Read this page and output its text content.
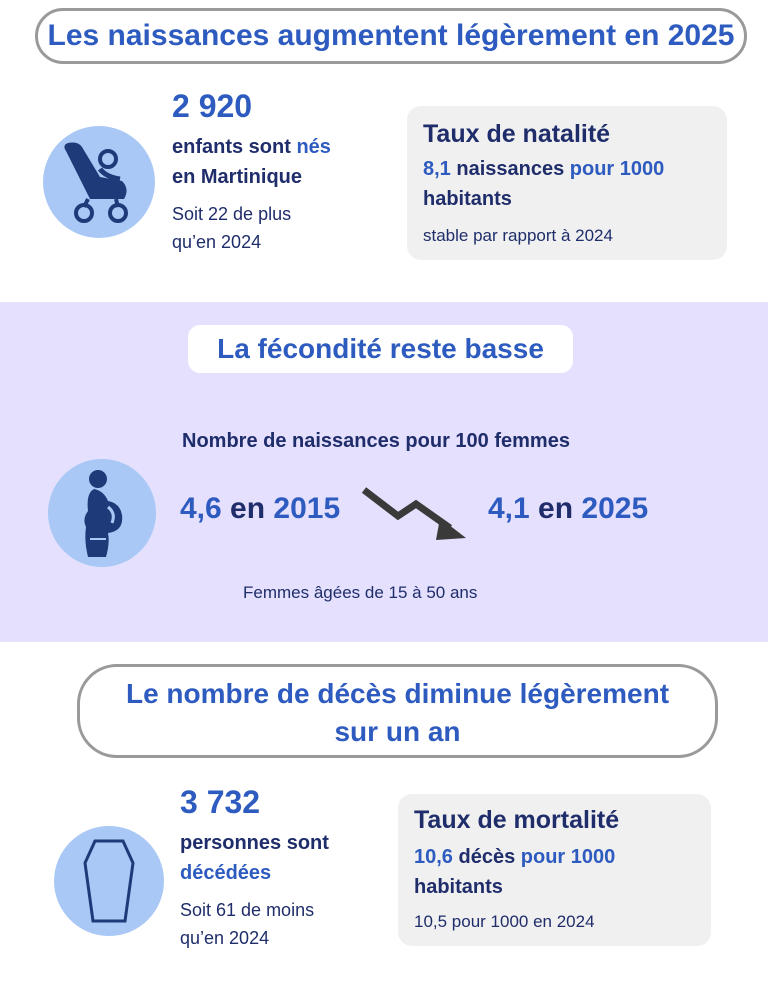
Les naissances augmentent légèrement en 2025
2 920
enfants sont nés
en Martinique
Soit 22 de plus
qu’en 2024
Taux de natalité
8,1 naissances pour 1000
habitants
stable par rapport à 2024
La fécondité reste basse
Nombre de naissances pour 100 femmes
4,6 en 2015	4,1 en 2025
Femmes âgées de 15 à 50 ans
Le nombre de décès diminue légèrement
sur un an
3 732
personnes sont
décédées
Soit 61 de moins
qu’en 2024
Taux de mortalité
10,6 décès pour 1000
habitants
10,5 pour 1000 en 2024
